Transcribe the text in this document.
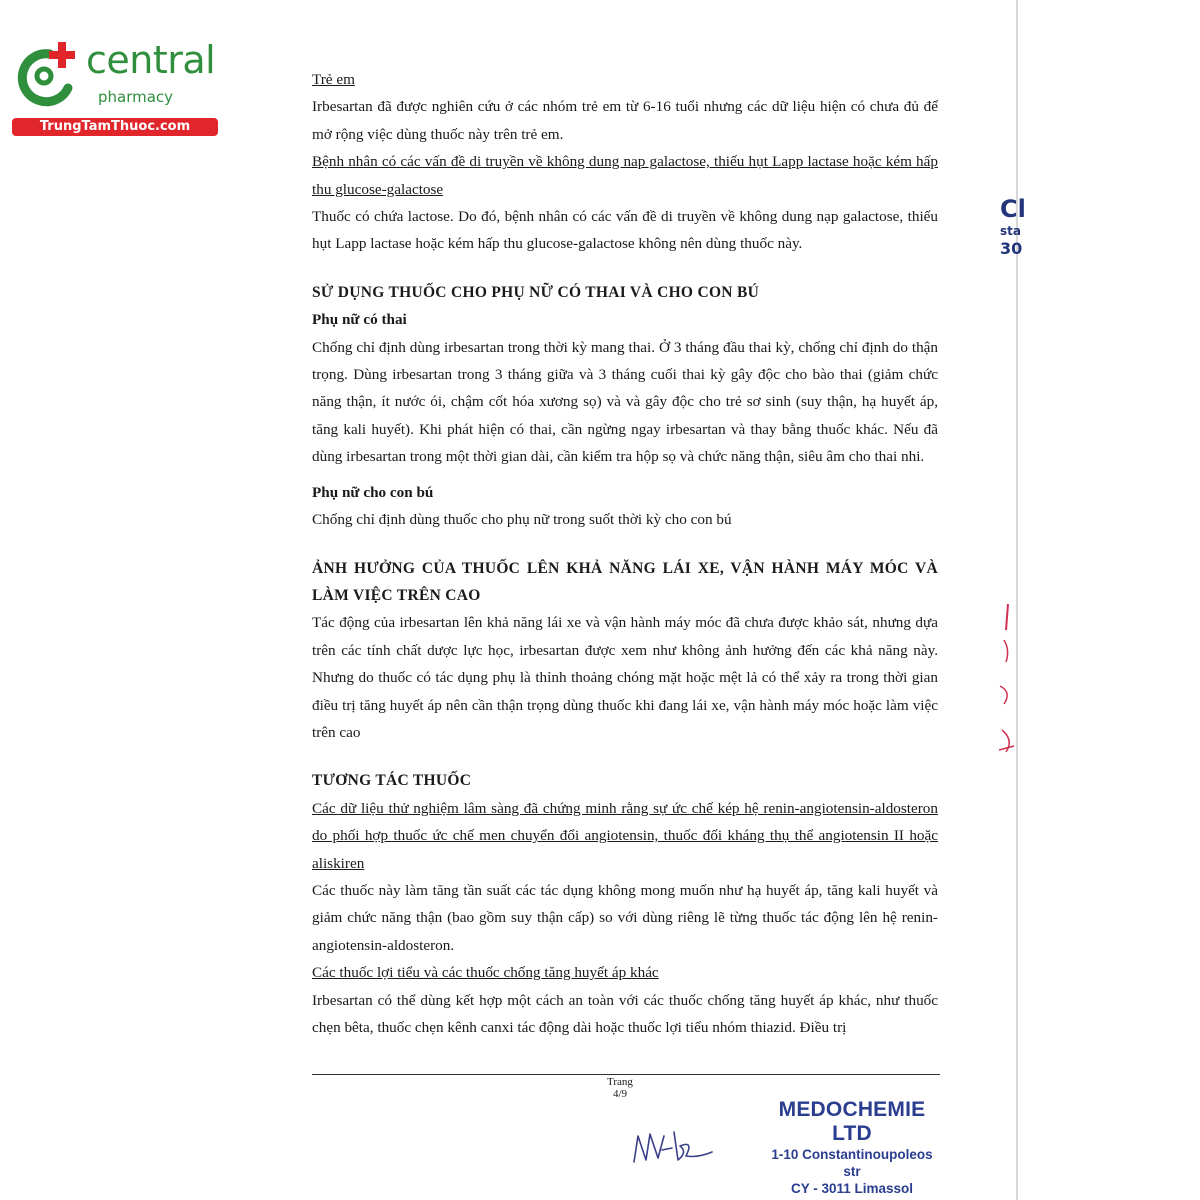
central
pharmacy
TrungTamThuoc.com
Cl
sta
30

Trẻ em

Irbesartan đã được nghiên cứu ở các nhóm trẻ em từ 6-16 tuổi nhưng các dữ liệu hiện có chưa đủ để mở rộng việc dùng thuốc này trên trẻ em.

Bệnh nhân có các vấn đề di truyền về không dung nap galactose, thiếu hụt Lapp lactase hoặc kém hấp thu glucose-galactose

Thuốc có chứa lactose. Do đó, bệnh nhân có các vấn đề di truyền về không dung nạp galactose, thiếu hụt Lapp lactase hoặc kém hấp thu glucose-galactose không nên dùng thuốc này.

SỬ DỤNG THUỐC CHO PHỤ NỮ CÓ THAI VÀ CHO CON BÚ

Phụ nữ có thai

Chống chỉ định dùng irbesartan trong thời kỳ mang thai. Ở 3 tháng đầu thai kỳ, chống chỉ định do thận trọng. Dùng irbesartan trong 3 tháng giữa và 3 tháng cuối thai kỳ gây độc cho bào thai (giảm chức năng thận, ít nước ói, chậm cốt hóa xương sọ) và và gây độc cho trẻ sơ sinh (suy thận, hạ huyết áp, tăng kali huyết). Khi phát hiện có thai, cần ngừng ngay irbesartan và thay bằng thuốc khác. Nếu đã dùng irbesartan trong một thời gian dài, cần kiểm tra hộp sọ và chức năng thận, siêu âm cho thai nhi.

Phụ nữ cho con bú

Chống chỉ định dùng thuốc cho phụ nữ trong suốt thời kỳ cho con bú

ẢNH HƯỞNG CỦA THUỐC LÊN KHẢ NĂNG LÁI XE, VẬN HÀNH MÁY MÓC VÀ LÀM VIỆC TRÊN CAO

Tác động của irbesartan lên khả năng lái xe và vận hành máy móc đã chưa được khảo sát, nhưng dựa trên các tính chất dược lực học, irbesartan được xem như không ảnh hưởng đến các khả năng này. Nhưng do thuốc có tác dụng phụ là thỉnh thoảng chóng mặt hoặc mệt lả có thể xảy ra trong thời gian điều trị tăng huyết áp nên cần thận trọng dùng thuốc khi đang lái xe, vận hành máy móc hoặc làm việc trên cao

TƯƠNG TÁC THUỐC

Các dữ liệu thử nghiệm lâm sàng đã chứng minh rằng sự ức chế kép hệ renin-angiotensin-aldosteron do phối hợp thuốc ức chế men chuyển đổi angiotensin, thuốc đối kháng thụ thể angiotensin II hoặc aliskiren

Các thuốc này làm tăng tần suất các tác dụng không mong muốn như hạ huyết áp, tăng kali huyết và giảm chức năng thận (bao gồm suy thận cấp) so với dùng riêng lẽ từng thuốc tác động lên hệ renin-angiotensin-aldosteron.

Các thuốc lợi tiểu và các thuốc chống tăng huyết áp khác

Irbesartan có thể dùng kết hợp một cách an toàn với các thuốc chống tăng huyết áp khác, như thuốc chẹn bêta, thuốc chẹn kênh canxi tác động dài hoặc thuốc lợi tiểu nhóm thiazid. Điều trị

Trang 4/9
MEDOCHEMIE LTD
1-10 Constantinoupoleos str
CY - 3011 Limassol
